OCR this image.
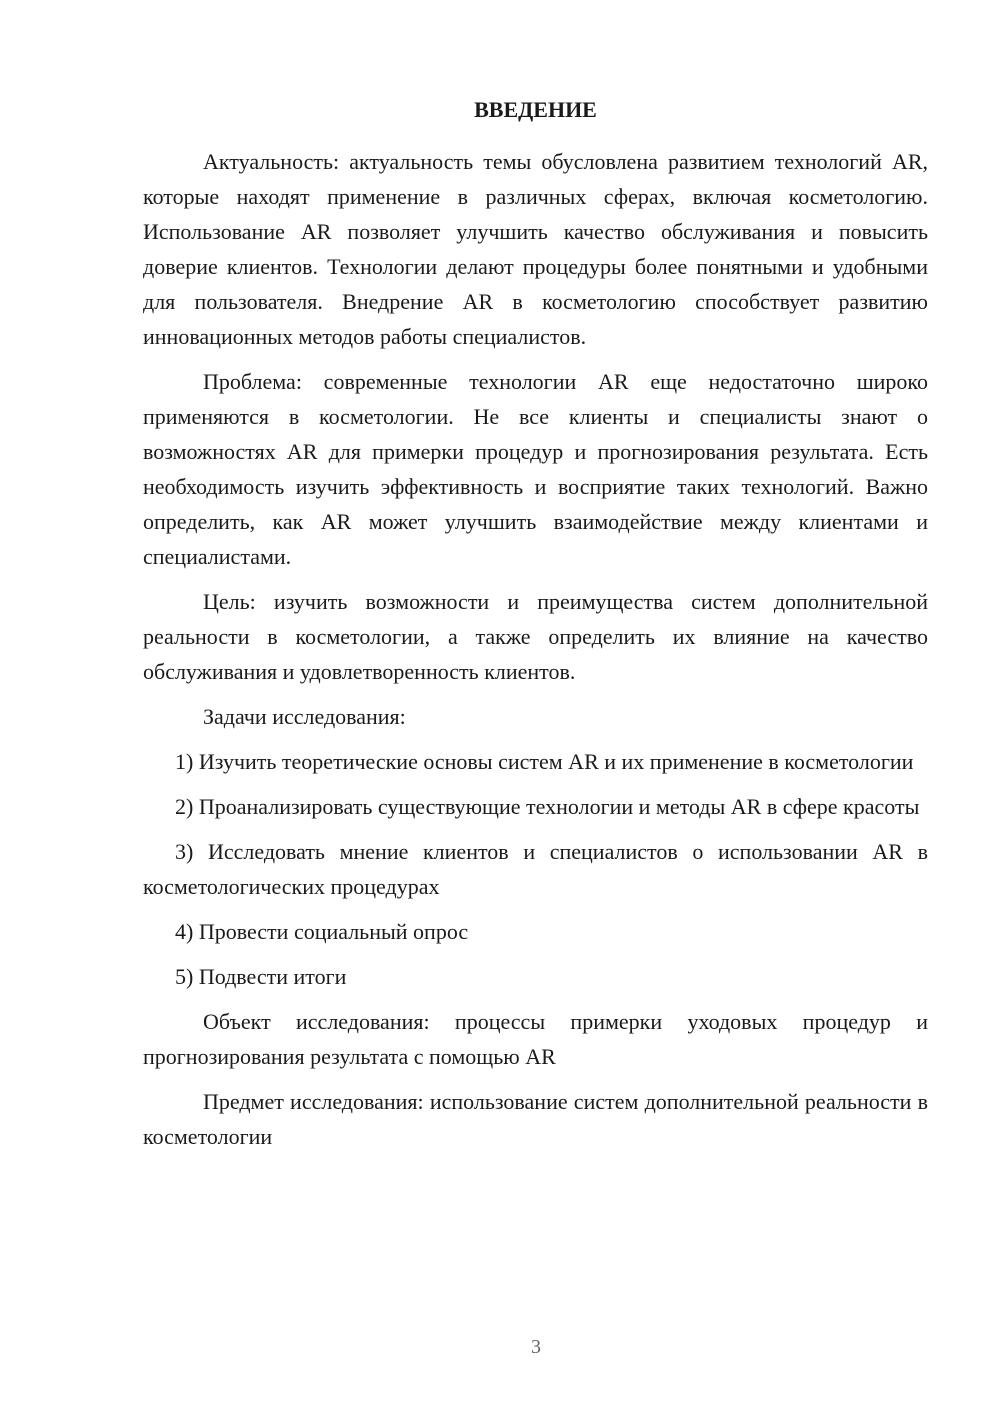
ВВЕДЕНИЕ

Актуальность: актуальность темы обусловлена развитием технологий AR, которые находят применение в различных сферах, включая косметологию. Использование AR позволяет улучшить качество обслуживания и повысить доверие клиентов. Технологии делают процедуры более понятными и удобными для пользователя. Внедрение AR в косметологию способствует развитию инновационных методов работы специалистов.

Проблема: современные технологии AR еще недостаточно широко применяются в косметологии. Не все клиенты и специалисты знают о возможностях AR для примерки процедур и прогнозирования результата. Есть необходимость изучить эффективность и восприятие таких технологий. Важно определить, как AR может улучшить взаимодействие между клиентами и специалистами.

Цель: изучить возможности и преимущества систем дополнительной реальности в косметологии, а также определить их влияние на качество обслуживания и удовлетворенность клиентов.

Задачи исследования:

1) Изучить теоретические основы систем AR и их применение в косметологии

2) Проанализировать существующие технологии и методы AR в сфере красоты

3) Исследовать мнение клиентов и специалистов о использовании AR в косметологических процедурах

4) Провести социальный опрос

5) Подвести итоги

Объект исследования: процессы примерки уходовых процедур и прогнозирования результата с помощью AR

Предмет исследования: использование систем дополнительной реальности в косметологии

3
